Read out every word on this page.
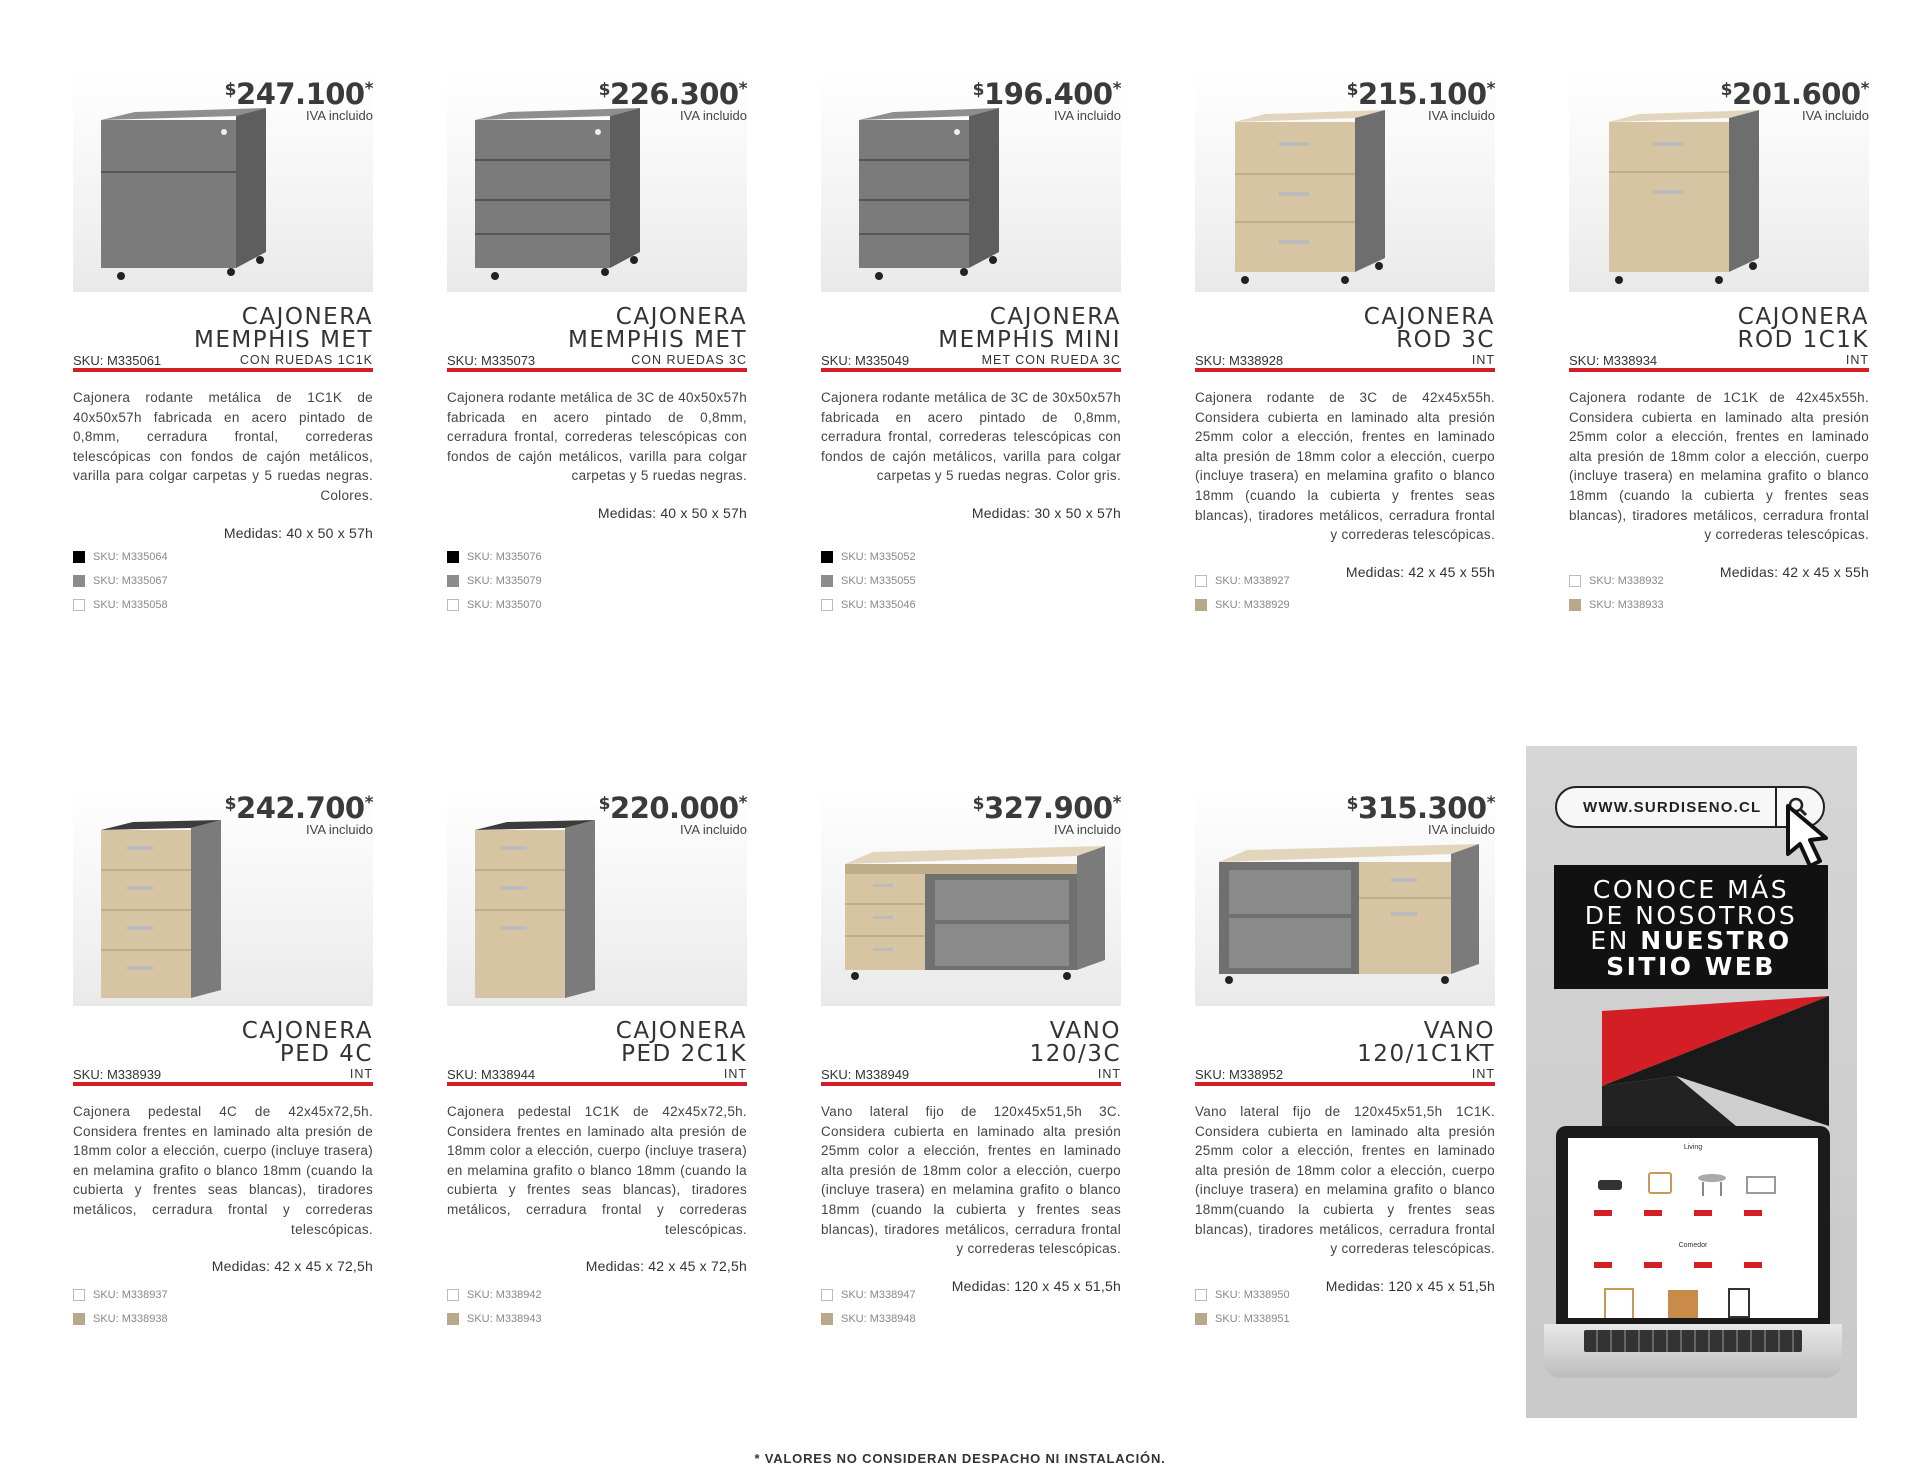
$247.100*
IVA incluido
CAJONERA
MEMPHIS MET
SKU: M335061	CON RUEDAS 1C1K
Cajonera rodante metálica de 1C1K de 40x50x57h fabricada en acero pintado de 0,8mm, cerradura frontal, correderas telescópicas con fondos de cajón metálicos, varilla para colgar carpetas y 5 ruedas negras. Colores.
Medidas: 40 x 50 x 57h
SKU: M335064
SKU: M335067
SKU: M335058
$226.300*
IVA incluido
CAJONERA
MEMPHIS MET
SKU: M335073	CON RUEDAS 3C
Cajonera rodante metálica de 3C de 40x50x57h fabricada en acero pintado de 0,8mm, cerradura frontal, correderas telescópicas con fondos de cajón metálicos, varilla para colgar carpetas y 5 ruedas negras.
Medidas: 40 x 50 x 57h
SKU: M335076
SKU: M335079
SKU: M335070
$196.400*
IVA incluido
CAJONERA
MEMPHIS MINI
SKU: M335049	MET CON RUEDA 3C
Cajonera rodante metálica de 3C de 30x50x57h fabricada en acero pintado de 0,8mm, cerradura frontal, correderas telescópicas con fondos de cajón metálicos, varilla para colgar carpetas y 5 ruedas negras. Color gris.
Medidas: 30 x 50 x 57h
SKU: M335052
SKU: M335055
SKU: M335046
$215.100*
IVA incluido
CAJONERA
ROD 3C
SKU: M338928	INT
Cajonera rodante de 3C de 42x45x55h. Considera cubierta en laminado alta presión 25mm color a elección, frentes en laminado alta presión de 18mm color a elección, cuerpo (incluye trasera) en melamina grafito o blanco 18mm (cuando la cubierta y frentes seas blancas), tiradores metálicos, cerradura frontal y correderas telescópicas.
Medidas: 42 x 45 x 55h
SKU: M338927
SKU: M338929
$201.600*
IVA incluido
CAJONERA
ROD 1C1K
SKU: M338934	INT
Cajonera rodante de 1C1K de 42x45x55h. Considera cubierta en laminado alta presión 25mm color a elección, frentes en laminado alta presión de 18mm color a elección, cuerpo (incluye trasera) en melamina grafito o blanco 18mm (cuando la cubierta y frentes seas blancas), tiradores metálicos, cerradura frontal y correderas telescópicas.
Medidas: 42 x 45 x 55h
SKU: M338932
SKU: M338933
$242.700*
IVA incluido
CAJONERA
PED 4C
SKU: M338939	INT
Cajonera pedestal 4C de 42x45x72,5h. Considera frentes en laminado alta presión de 18mm color a elección, cuerpo (incluye trasera) en melamina grafito o blanco 18mm (cuando la cubierta y frentes seas blancas), tiradores metálicos, cerradura frontal y correderas telescópicas.
Medidas: 42 x 45 x 72,5h
SKU: M338937
SKU: M338938
$220.000*
IVA incluido
CAJONERA
PED 2C1K
SKU: M338944	INT
Cajonera pedestal 1C1K de 42x45x72,5h. Considera frentes en laminado alta presión de 18mm color a elección, cuerpo (incluye trasera) en melamina grafito o blanco 18mm (cuando la cubierta y frentes seas blancas), tiradores metálicos, cerradura frontal y correderas telescópicas.
Medidas: 42 x 45 x 72,5h
SKU: M338942
SKU: M338943
$327.900*
IVA incluido
VANO
120/3C
SKU: M338949	INT
Vano lateral fijo de 120x45x51,5h 3C. Considera cubierta en laminado alta presión 25mm color a elección, frentes en laminado alta presión de 18mm color a elección, cuerpo (incluye trasera) en melamina grafito o blanco 18mm (cuando la cubierta y frentes seas blancas), tiradores metálicos, cerradura frontal y correderas telescópicas.
Medidas: 120 x 45 x 51,5h
SKU: M338947
SKU: M338948
$315.300*
IVA incluido
VANO
120/1C1KT
SKU: M338952	INT
Vano lateral fijo de 120x45x51,5h 1C1K. Considera cubierta en laminado alta presión 25mm color a elección, frentes en laminado alta presión de 18mm color a elección, cuerpo (incluye trasera) en melamina grafito o blanco 18mm(cuando la cubierta y frentes seas blancas), tiradores metálicos, cerradura frontal y correderas telescópicas.
Medidas: 120 x 45 x 51,5h
SKU: M338950
SKU: M338951
WWW.SURDISENO.CL
CONOCE MÁS
DE NOSOTROS
EN NUESTRO
SITIO WEB
Living
Comedor
* VALORES NO CONSIDERAN DESPACHO NI INSTALACIÓN.
